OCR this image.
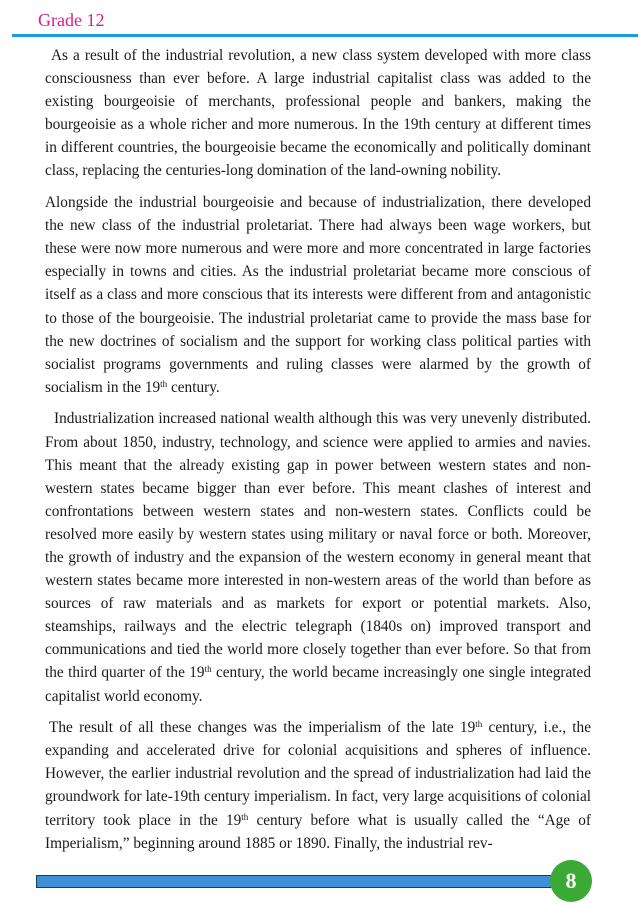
Grade 12

As a result of the industrial revolution, a new class system developed with more class consciousness than ever before. A large industrial capitalist class was added to the existing bourgeoisie of merchants, professional people and bankers, making the bourgeoisie as a whole richer and more numerous. In the 19th century at different times in different countries, the bourgeoisie became the economically and politically dominant class, replacing the centuries-long domination of the land-owning nobility.

Alongside the industrial bourgeoisie and because of industrialization, there developed the new class of the industrial proletariat. There had always been wage workers, but these were now more numerous and were more and more concentrated in large factories especially in towns and cities. As the industrial proletariat became more conscious of itself as a class and more conscious that its interests were different from and antagonistic to those of the bourgeoisie. The industrial proletariat came to provide the mass base for the new doctrines of socialism and the support for working class political parties with socialist programs governments and ruling classes were alarmed by the growth of socialism in the 19th century.

Industrialization increased national wealth although this was very unevenly distributed. From about 1850, industry, technology, and science were applied to armies and navies. This meant that the already existing gap in power between western states and non-western states became bigger than ever before. This meant clashes of interest and confrontations between western states and non-western states. Conflicts could be resolved more easily by western states using military or naval force or both. Moreover, the growth of industry and the expansion of the western economy in general meant that western states became more interested in non-western areas of the world than before as sources of raw materials and as markets for export or potential markets. Also, steamships, railways and the electric telegraph (1840s on) improved transport and communications and tied the world more closely together than ever before. So that from the third quarter of the 19th century, the world became increasingly one single integrated capitalist world economy.

The result of all these changes was the imperialism of the late 19th century, i.e., the expanding and accelerated drive for colonial acquisitions and spheres of influence. However, the earlier industrial revolution and the spread of industrialization had laid the groundwork for late-19th century imperialism. In fact, very large acquisitions of colonial territory took place in the 19th century before what is usually called the “Age of Imperialism,” beginning around 1885 or 1890. Finally, the industrial rev-

8
